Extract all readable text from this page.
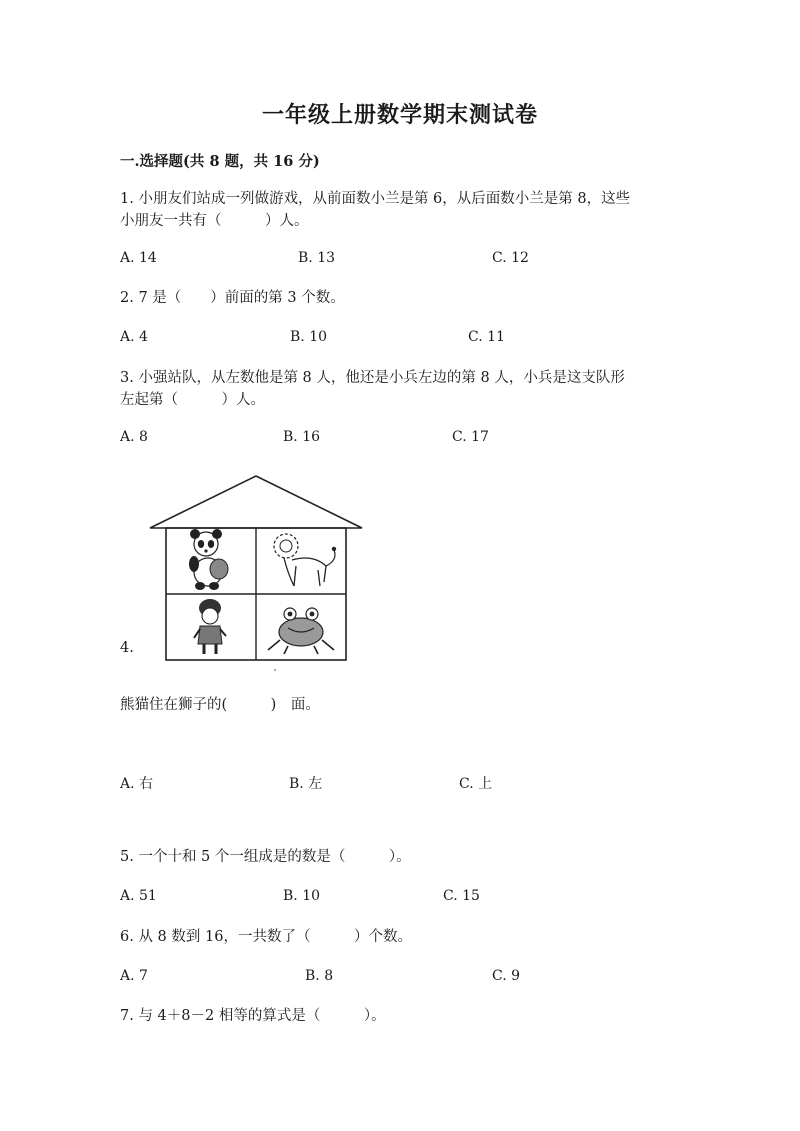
一年级上册数学期末测试卷
一.选择题(共 8 题，共 16 分)
1. 小朋友们站成一列做游戏，从前面数小兰是第 6，从后面数小兰是第 8，这些
小朋友一共有（　　　）人。
A. 14	B. 13	C. 12
2. 7 是（　　）前面的第 3 个数。
A. 4	B. 10	C. 11
3. 小强站队，从左数他是第 8 人，他还是小兵左边的第 8 人，小兵是这支队形
左起第（　　　）人。
A. 8	B. 16	C. 17
4.
熊猫住在狮子的(　　　)　面。
A. 右	B. 左	C. 上
5. 一个十和 5 个一组成是的数是（　　　）。
A. 51	B. 10	C. 15
6. 从 8 数到 16，一共数了（　　　）个数。
A. 7	B. 8	C. 9
7. 与 4＋8－2 相等的算式是（　　　）。
